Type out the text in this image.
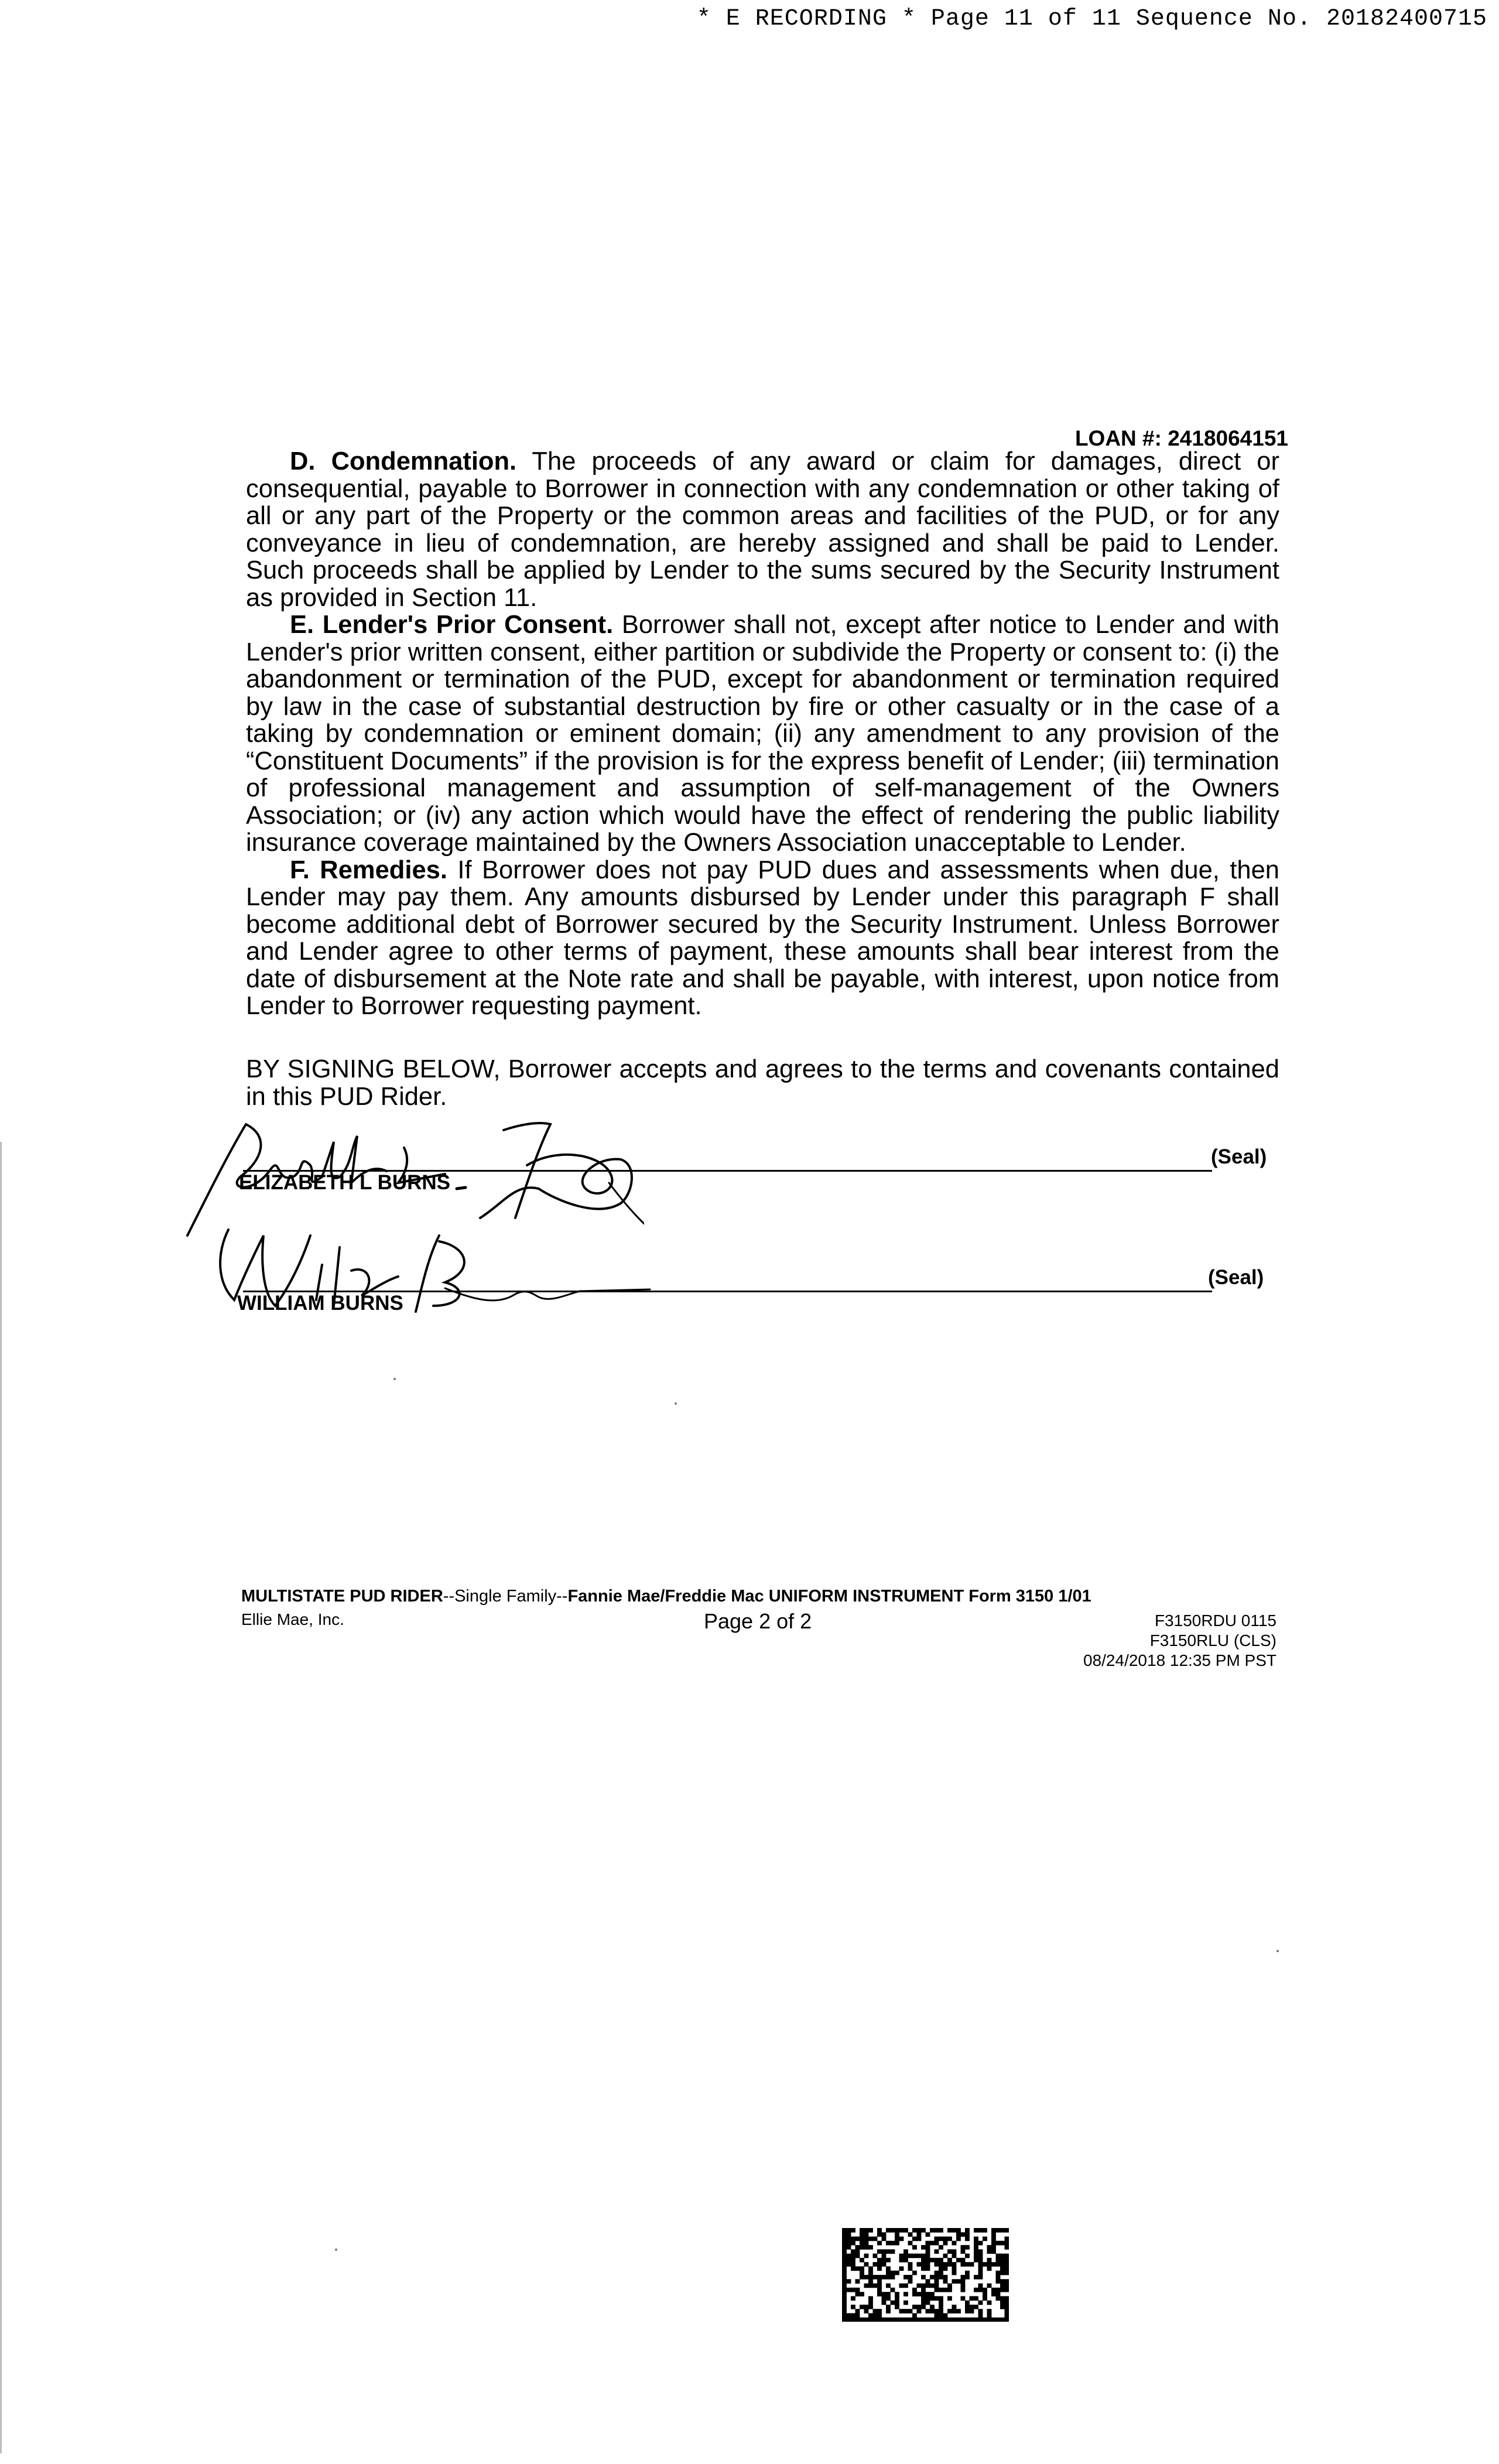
* E RECORDING * Page 11 of 11 Sequence No. 20182400715
LOAN #: 2418064151

D. Condemnation. The proceeds of any award or claim for damages, direct or consequential, payable to Borrower in connection with any condemnation or other taking of all or any part of the Property or the common areas and facilities of the PUD, or for any conveyance in lieu of condemnation, are hereby assigned and shall be paid to Lender. Such proceeds shall be applied by Lender to the sums secured by the Security Instrument as provided in Section 11.

E. Lender's Prior Consent. Borrower shall not, except after notice to Lender and with Lender's prior written consent, either partition or subdivide the Property or consent to: (i) the abandonment or termination of the PUD, except for abandonment or termination required by law in the case of substantial destruction by fire or other casualty or in the case of a taking by condemnation or eminent domain; (ii) any amendment to any provision of the “Constituent Documents” if the provision is for the express benefit of Lender; (iii) termination of professional management and assumption of self-management of the Owners Association; or (iv) any action which would have the effect of rendering the public liability insurance coverage maintained by the Owners Association unacceptable to Lender.

F. Remedies. If Borrower does not pay PUD dues and assessments when due, then Lender may pay them. Any amounts disbursed by Lender under this paragraph F shall become additional debt of Borrower secured by the Security Instrument. Unless Borrower and Lender agree to other terms of payment, these amounts shall bear interest from the date of disbursement at the Note rate and shall be payable, with interest, upon notice from Lender to Borrower requesting payment.

BY SIGNING BELOW, Borrower accepts and agrees to the terms and covenants contained in this PUD Rider.
(Seal)
ELIZABETH L BURNS
(Seal)
WILLIAM BURNS
MULTISTATE PUD RIDER--Single Family--Fannie Mae/Freddie Mac UNIFORM INSTRUMENT Form 3150 1/01
Ellie Mae, Inc.	Page 2 of 2	F3150RDU 0115
F3150RLU (CLS)
08/24/2018 12:35 PM PST
